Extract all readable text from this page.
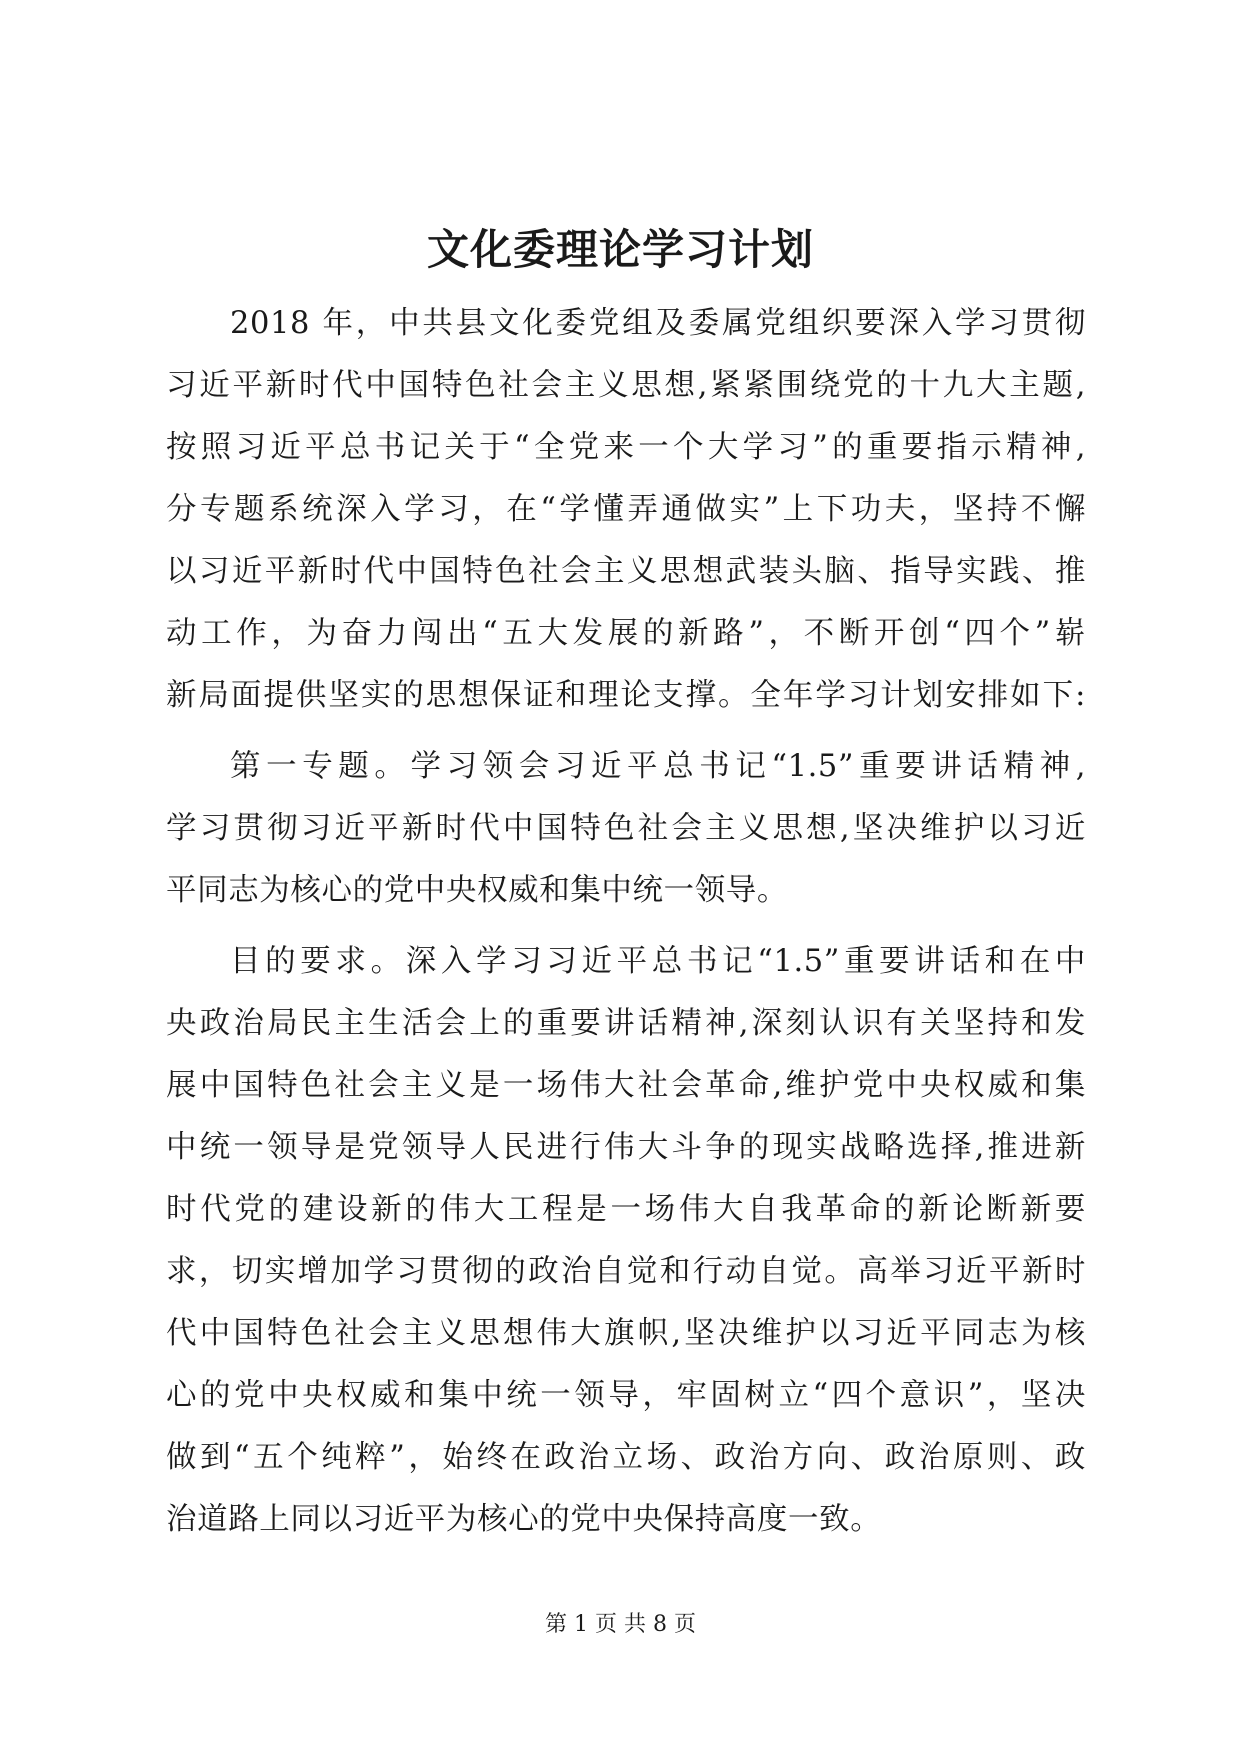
文化委理论学习计划
2018 年，中共县文化委党组及委属党组织要深入学习贯彻
习近平新时代中国特色社会主义思想,紧紧围绕党的十九大主题,
按照习近平总书记关于“全党来一个大学习”的重要指示精神,
分专题系统深入学习，在“学懂弄通做实”上下功夫，坚持不懈
以习近平新时代中国特色社会主义思想武装头脑、指导实践、推
动工作，为奋力闯出“五大发展的新路”，不断开创“四个”崭
新局面提供坚实的思想保证和理论支撑。全年学习计划安排如下:
第一专题。学习领会习近平总书记“1.5”重要讲话精神,
学习贯彻习近平新时代中国特色社会主义思想,坚决维护以习近
平同志为核心的党中央权威和集中统一领导。
目的要求。深入学习习近平总书记“1.5”重要讲话和在中
央政治局民主生活会上的重要讲话精神,深刻认识有关坚持和发
展中国特色社会主义是一场伟大社会革命,维护党中央权威和集
中统一领导是党领导人民进行伟大斗争的现实战略选择,推进新
时代党的建设新的伟大工程是一场伟大自我革命的新论断新要
求，切实增加学习贯彻的政治自觉和行动自觉。高举习近平新时
代中国特色社会主义思想伟大旗帜,坚决维护以习近平同志为核
心的党中央权威和集中统一领导，牢固树立“四个意识”，坚决
做到“五个纯粹”，始终在政治立场、政治方向、政治原则、政
治道路上同以习近平为核心的党中央保持高度一致。
第 1 页 共 8 页
